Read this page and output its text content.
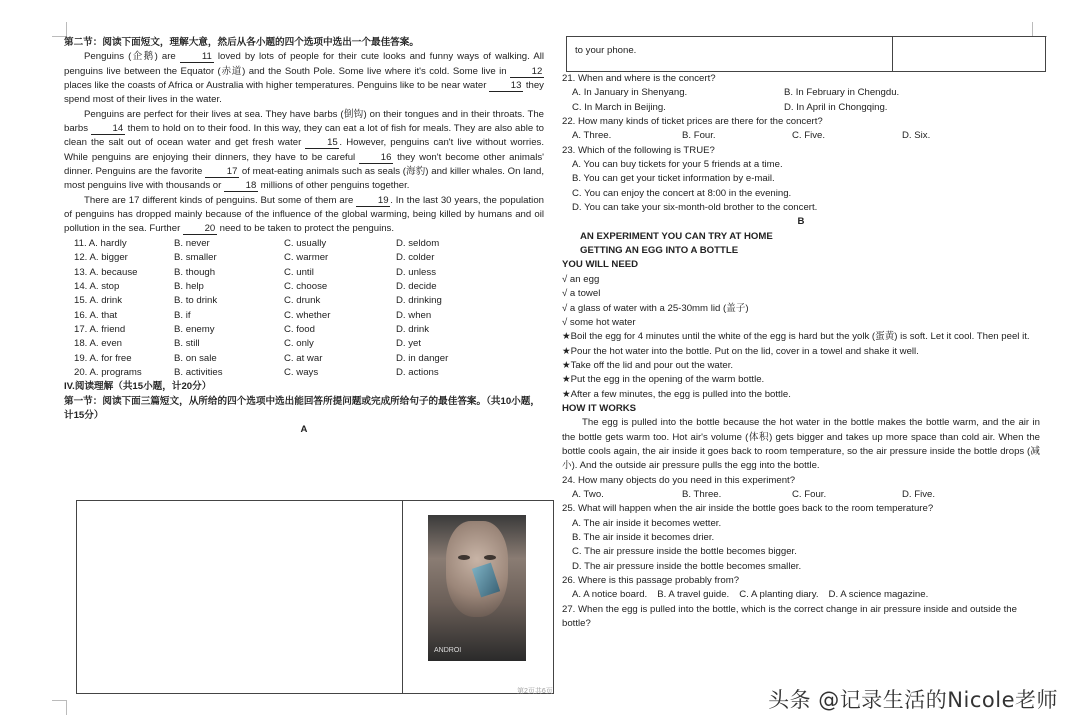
第二节：阅读下面短文，理解大意，然后从各小题的四个选项中选出一个最佳答案。

Penguins (企鹅) are 11 loved by lots of people for their cute looks and funny ways of walking. All penguins live between the Equator (赤道) and the South Pole. Some live where it's cold. Some live in 12 places like the coasts of Africa or Australia with higher temperatures. Penguins like to be near water 13 they spend most of their lives in the water.

Penguins are perfect for their lives at sea. They have barbs (倒钩) on their tongues and in their throats. The barbs 14 them to hold on to their food. In this way, they can eat a lot of fish for meals. They are also able to clean the salt out of ocean water and get fresh water 15 . However, penguins can't live without worries. While penguins are enjoying their dinners, they have to be careful 16 they won't become other animals' dinner. Penguins are the favorite 17 of meat-eating animals such as seals (海豹) and killer whales. On land, most penguins live with thousands or 18 millions of other penguins together.

There are 17 different kinds of penguins. But some of them are 19 . In the last 30 years, the population of penguins has dropped mainly because of the influence of the global warming, being killed by humans and oil pollution in the sea. Further 20 need to be taken to protect the penguins.

11. A. hardly	B. never	C. usually	D. seldom
12. A. bigger	B. smaller	C. warmer	D. colder
13. A. because	B. though	C. until	D. unless
14. A. stop	B. help	C. choose	D. decide
15. A. drink	B. to drink	C. drunk	D. drinking
16. A. that	B. if	C. whether	D. when
17. A. friend	B. enemy	C. food	D. drink
18. A. even	B. still	C. only	D. yet
19. A. for free	B. on sale	C. at war	D. in danger
20. A. programs	B. activities	C. ways	D. actions

IV.阅读理解（共15小题，计20分）

第一节：阅读下面三篇短文，从所给的四个选项中选出能回答所提问题或完成所给句子的最佳答案。（共10小题，计15分）

A

ANDROI
to your phone.

21. When and where is the concert?

A. In January in Shenyang.	B. In February in Chengdu.
C. In March in Beijing.	D. In April in Chongqing.

22. How many kinds of ticket prices are there for the concert?

A. Three.	B. Four.	C. Five.	D. Six.

23. Which of the following is TRUE?

A. You can buy tickets for your 5 friends at a time.

B. You can get your ticket information by e-mail.

C. You can enjoy the concert at 8:00 in the evening.

D. You can take your six-month-old brother to the concert.

B

AN EXPERIMENT YOU CAN TRY AT HOME

GETTING AN EGG INTO A BOTTLE

YOU WILL NEED

√ an egg

√ a towel

√ a glass of water with a 25-30mm lid (盖子)

√ some hot water

★Boil the egg for 4 minutes until the white of the egg is hard but the yolk (蛋黄) is soft. Let it cool. Then peel it.

★Pour the hot water into the bottle. Put on the lid, cover in a towel and shake it well.

★Take off the lid and pour out the water.

★Put the egg in the opening of the warm bottle.

★After a few minutes, the egg is pulled into the bottle.

HOW IT WORKS

The egg is pulled into the bottle because the hot water in the bottle makes the bottle warm, and the air in the bottle gets warm too. Hot air's volume (体积) gets bigger and takes up more space than cold air. When the bottle cools again, the air inside it goes back to room temperature, so the air pressure inside the bottle drops (减小). And the outside air pressure pulls the egg into the bottle.

24. How many objects do you need in this experiment?

A. Two.	B. Three.	C. Four.	D. Five.

25. What will happen when the air inside the bottle goes back to the room temperature?

A. The air inside it becomes wetter.

B. The air inside it becomes drier.

C. The air pressure inside the bottle becomes bigger.

D. The air pressure inside the bottle becomes smaller.

26. Where is this passage probably from?

A. A notice board. B. A travel guide. C. A planting diary. D. A science magazine.

27. When the egg is pulled into the bottle, which is the correct change in air pressure inside and outside the bottle?

第2页共6页	头条 @记录生活的Nicole老师
